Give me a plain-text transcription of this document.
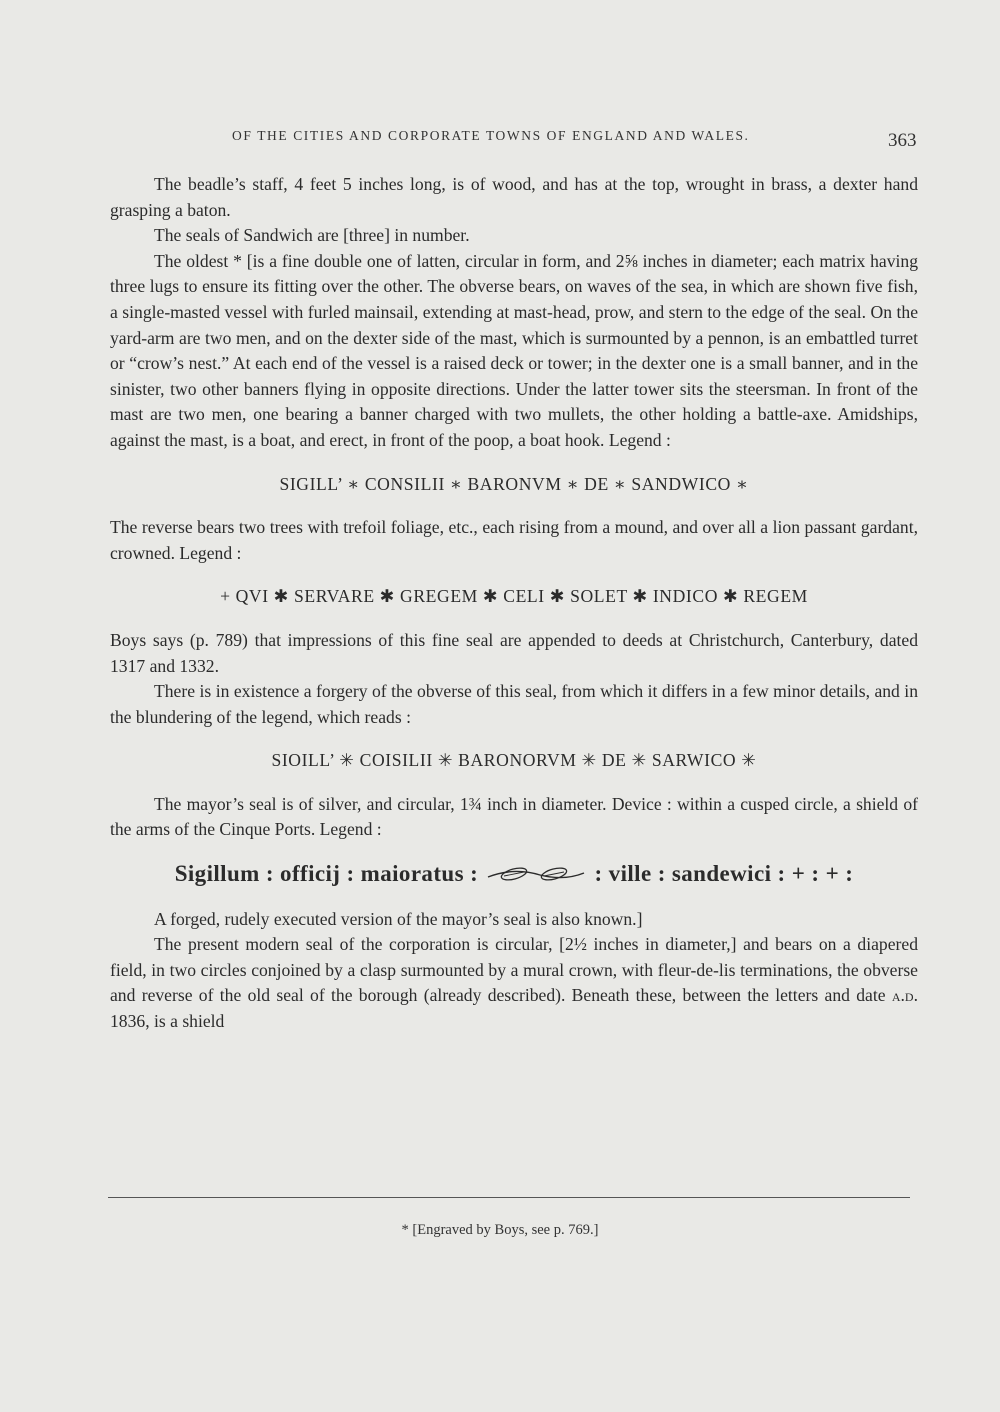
OF THE CITIES AND CORPORATE TOWNS OF ENGLAND AND WALES.	363

The beadle’s staff, 4 feet 5 inches long, is of wood, and has at the top, wrought in brass, a dexter hand grasping a baton.

The seals of Sandwich are [three] in number.

The oldest * [is a fine double one of latten, circular in form, and 2⅝ inches in diameter; each matrix having three lugs to ensure its fitting over the other. The obverse bears, on waves of the sea, in which are shown five fish, a single-masted vessel with furled mainsail, extending at mast-head, prow, and stern to the edge of the seal. On the yard-arm are two men, and on the dexter side of the mast, which is surmounted by a pennon, is an embattled turret or “crow’s nest.” At each end of the vessel is a raised deck or tower; in the dexter one is a small banner, and in the sinister, two other banners flying in opposite directions. Under the latter tower sits the steersman. In front of the mast are two men, one bearing a banner charged with two mullets, the other holding a battle-axe. Amidships, against the mast, is a boat, and erect, in front of the poop, a boat hook. Legend :

SIGILL’ ∗ CONSILII ∗ BARONVM ∗ DE ∗ SANDWICO ∗

The reverse bears two trees with trefoil foliage, etc., each rising from a mound, and over all a lion passant gardant, crowned. Legend :

+ QVI ✱ SERVARE ✱ GREGEM ✱ CELI ✱ SOLET ✱ INDICO ✱ REGEM

Boys says (p. 789) that impressions of this fine seal are appended to deeds at Christchurch, Canterbury, dated 1317 and 1332.

There is in existence a forgery of the obverse of this seal, from which it differs in a few minor details, and in the blundering of the legend, which reads :

SIOILL’ ✳ COISILII ✳ BARONORVM ✳ DE ✳ SARWICO ✳

The mayor’s seal is of silver, and circular, 1¾ inch in diameter. Device : within a cusped circle, a shield of the arms of the Cinque Ports. Legend :

Sigillum : officij : maioratus :	: ville : sandewici : + : + :

A forged, rudely executed version of the mayor’s seal is also known.]

The present modern seal of the corporation is circular, [2½ inches in diameter,] and bears on a diapered field, in two circles conjoined by a clasp surmounted by a mural crown, with fleur-de-lis terminations, the obverse and reverse of the old seal of the borough (already described). Beneath these, between the letters and date a.d. 1836, is a shield

* [Engraved by Boys, see p. 769.]
